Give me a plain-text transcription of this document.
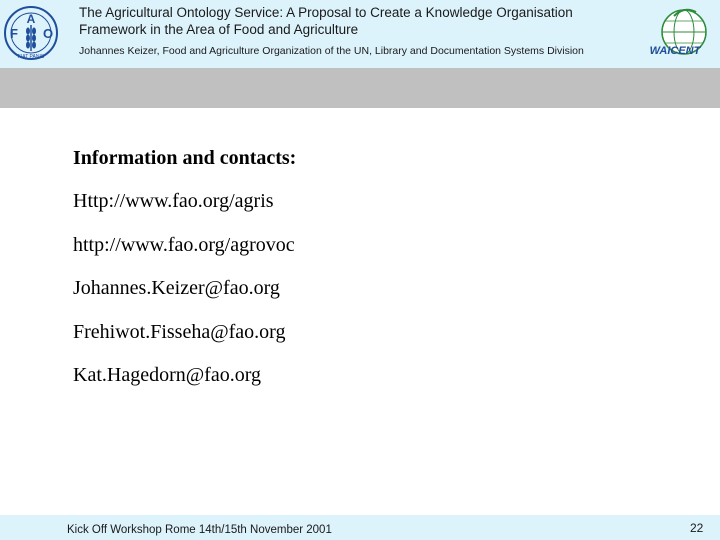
A
F O
FIAT PANIS
The Agricultural Ontology Service: A Proposal to Create a Knowledge Organisation Framework in the Area of Food and Agriculture
Johannes Keizer, Food and Agriculture Organization of the UN, Library and Documentation Systems Division	WAICENT
Information and contacts:
Http://www.fao.org/agris
http://www.fao.org/agrovoc
Johannes.Keizer@fao.org
Frehiwot.Fisseha@fao.org
Kat.Hagedorn@fao.org
Kick Off Workshop Rome 14th/15th November 2001	22
